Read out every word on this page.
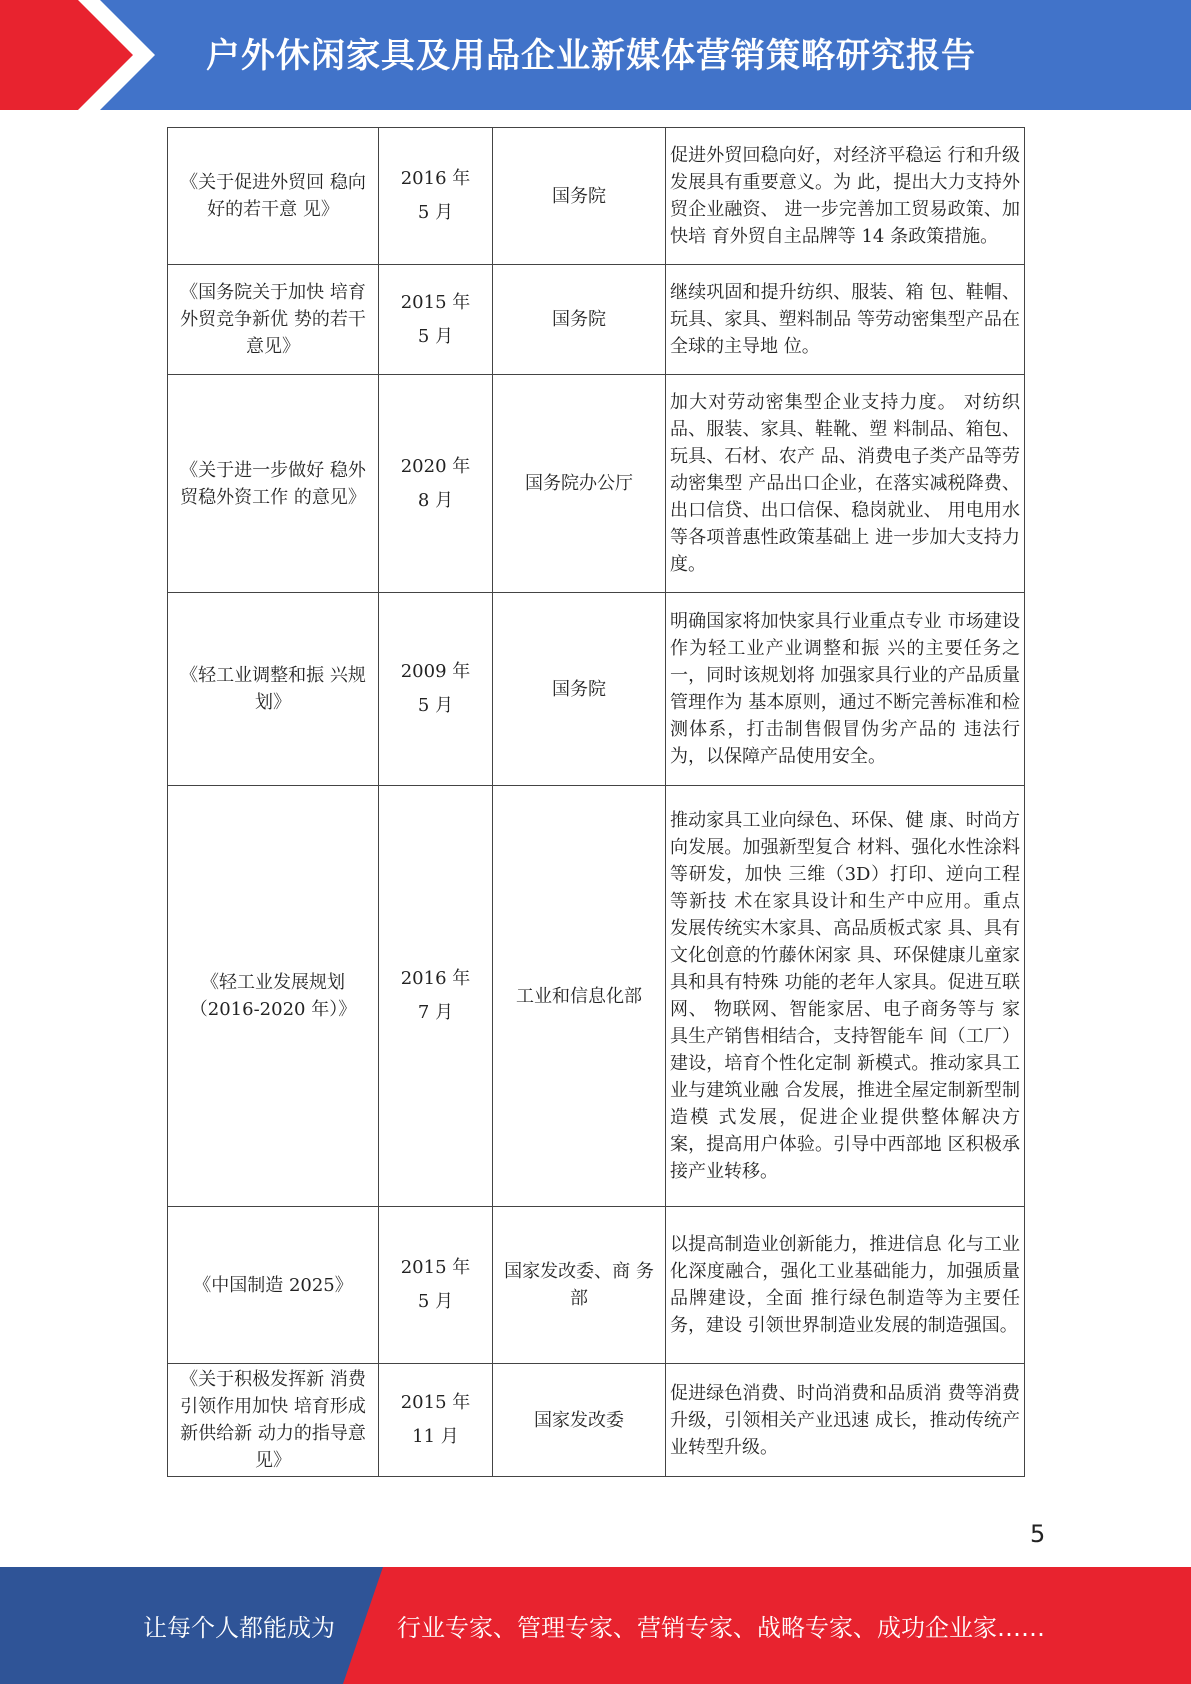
户外休闲家具及用品企业新媒体营销策略研究报告
《关于促进外贸回 稳向好的若干意 见》	2016 年
5 月	国务院	促进外贸回稳向好，对经济平稳运 行和升级发展具有重要意义。为 此，提出大力支持外贸企业融资、 进一步完善加工贸易政策、加快培 育外贸自主品牌等 14 条政策措施。
《国务院关于加快 培育外贸竞争新优 势的若干意见》	2015 年
5 月	国务院	继续巩固和提升纺织、服装、箱 包、鞋帽、玩具、家具、塑料制品 等劳动密集型产品在全球的主导地 位。
《关于进一步做好 稳外贸稳外资工作 的意见》	2020 年
8 月	国务院办公厅	加大对劳动密集型企业支持力度。 对纺织品、服装、家具、鞋靴、塑 料制品、箱包、玩具、石材、农产 品、消费电子类产品等劳动密集型 产品出口企业，在落实减税降费、 出口信贷、出口信保、稳岗就业、 用电用水等各项普惠性政策基础上 进一步加大支持力度。
《轻工业调整和振 兴规划》	2009 年
5 月	国务院	明确国家将加快家具行业重点专业 市场建设作为轻工业产业调整和振 兴的主要任务之一，同时该规划将 加强家具行业的产品质量管理作为 基本原则，通过不断完善标准和检 测体系，打击制售假冒伪劣产品的 违法行为，以保障产品使用安全。
《轻工业发展规划 （2016-2020 年）》	2016 年
7 月	工业和信息化部	推动家具工业向绿色、环保、健 康、时尚方向发展。加强新型复合 材料、强化水性涂料等研发，加快 三维（3D）打印、逆向工程等新技 术在家具设计和生产中应用。重点 发展传统实木家具、高品质板式家 具、具有文化创意的竹藤休闲家 具、环保健康儿童家具和具有特殊 功能的老年人家具。促进互联网、 物联网、智能家居、电子商务等与 家具生产销售相结合，支持智能车 间（工厂）建设，培育个性化定制 新模式。推动家具工业与建筑业融 合发展，推进全屋定制新型制造模 式发展，促进企业提供整体解决方 案，提高用户体验。引导中西部地 区积极承接产业转移。
《中国制造 2025》	2015 年
5 月	国家发改委、商 务部	以提高制造业创新能力，推进信息 化与工业化深度融合，强化工业基础能力，加强质量品牌建设，全面 推行绿色制造等为主要任务，建设 引领世界制造业发展的制造强国。
《关于积极发挥新 消费引领作用加快 培育形成新供给新 动力的指导意见》	2015 年
11 月	国家发改委	促进绿色消费、时尚消费和品质消 费等消费升级，引领相关产业迅速 成长，推动传统产业转型升级。
5
让每个人都能成为	行业专家、管理专家、营销专家、战略专家、成功企业家……
